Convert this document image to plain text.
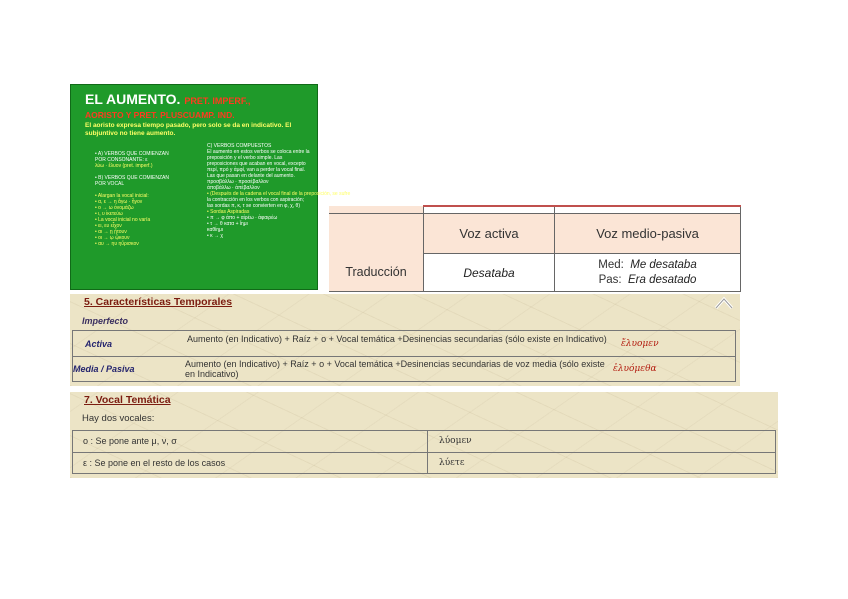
EL AUMENTO. PRET. IMPERF.,
AORISTO Y PRET. PLUSCUAMP. IND.
El aoristo expresa tiempo pasado, pero solo se da en indicativo. El subjuntivo no tiene aumento.
• A) VERBOS QUE COMIENZAN
POR CONSONANTE: ε
λύω · ἔλυον (pret. imperf.)

• B) VERBOS QUE COMIENZAN
POR VOCAL

• Alargan la vocal inicial:
• α, ε → η ἄγω · ἦγον
• ο → ω ὀνομάζω
• ι, υ ἱκετεύω
• La vocal inicial no varía
• ει, ευ εἶχον
• αι → ῃ ᾔτουν
• οι → ῳ ᾤκουν
• αυ → ηυ ηὕρισκον
C) VERBOS COMPUESTOS
El aumento en estos verbos se coloca entre la preposición y el verbo simple. Las preposiciones que acaban en vocal, excepto περί, πρό y ἀμφί, van a perder la vocal final. Las que pasan en delante del aumento.
προσβάλλω · προσέβαλλον
ἀποβάλλω · ἀπέβαλλον
• (Después de la cadena el vocal final de la preposición, se sufre
la contracción en los verbos con aspiración;
las sordas π, κ, τ se convierten en φ, χ, θ)
• Sordas Aspiradas
• π → φ ἀπο + αἱρέω · ἀφαιρέω
• τ → θ κατα + ἵημι
καθίημι
• κ → χ

		Voz activa	Voz medio-pasiva
Traducción	Desataba	Med: Me desataba
Pas: Era desatado
5. Características Temporales
Imperfecto
Activa	Aumento (en Indicativo) + Raíz + ο + Vocal temática +Desinencias secundarias (sólo existe en Indicativo)	ἔλυομεν
Media / Pasiva	Aumento (en Indicativo) + Raíz + ο + Vocal temática +Desinencias secundarias de voz media (sólo existe en Indicativo)	ἐλυόμεθα
7. Vocal Temática
Hay dos vocales:
ο : Se pone ante μ, ν, σ	λύομεν
ε : Se pone en el resto de los casos	λύετε
